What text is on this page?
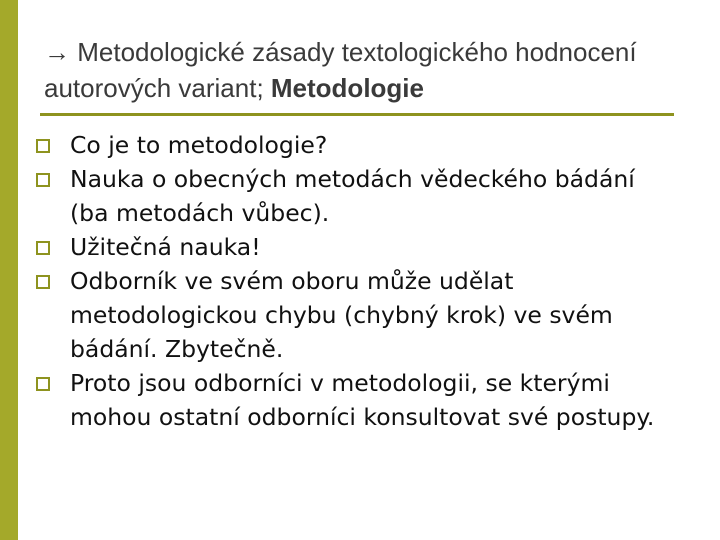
→ Metodologické zásady textologického hodnocení autorových variant; Metodologie
Co je to metodologie?
Nauka o obecných metodách vědeckého bádání (ba metodách vůbec).
Užitečná nauka!
Odborník ve svém oboru může udělat metodologickou chybu (chybný krok) ve svém bádání. Zbytečně.
Proto jsou odborníci v metodologii, se kterými mohou ostatní odborníci konsultovat své postupy.
